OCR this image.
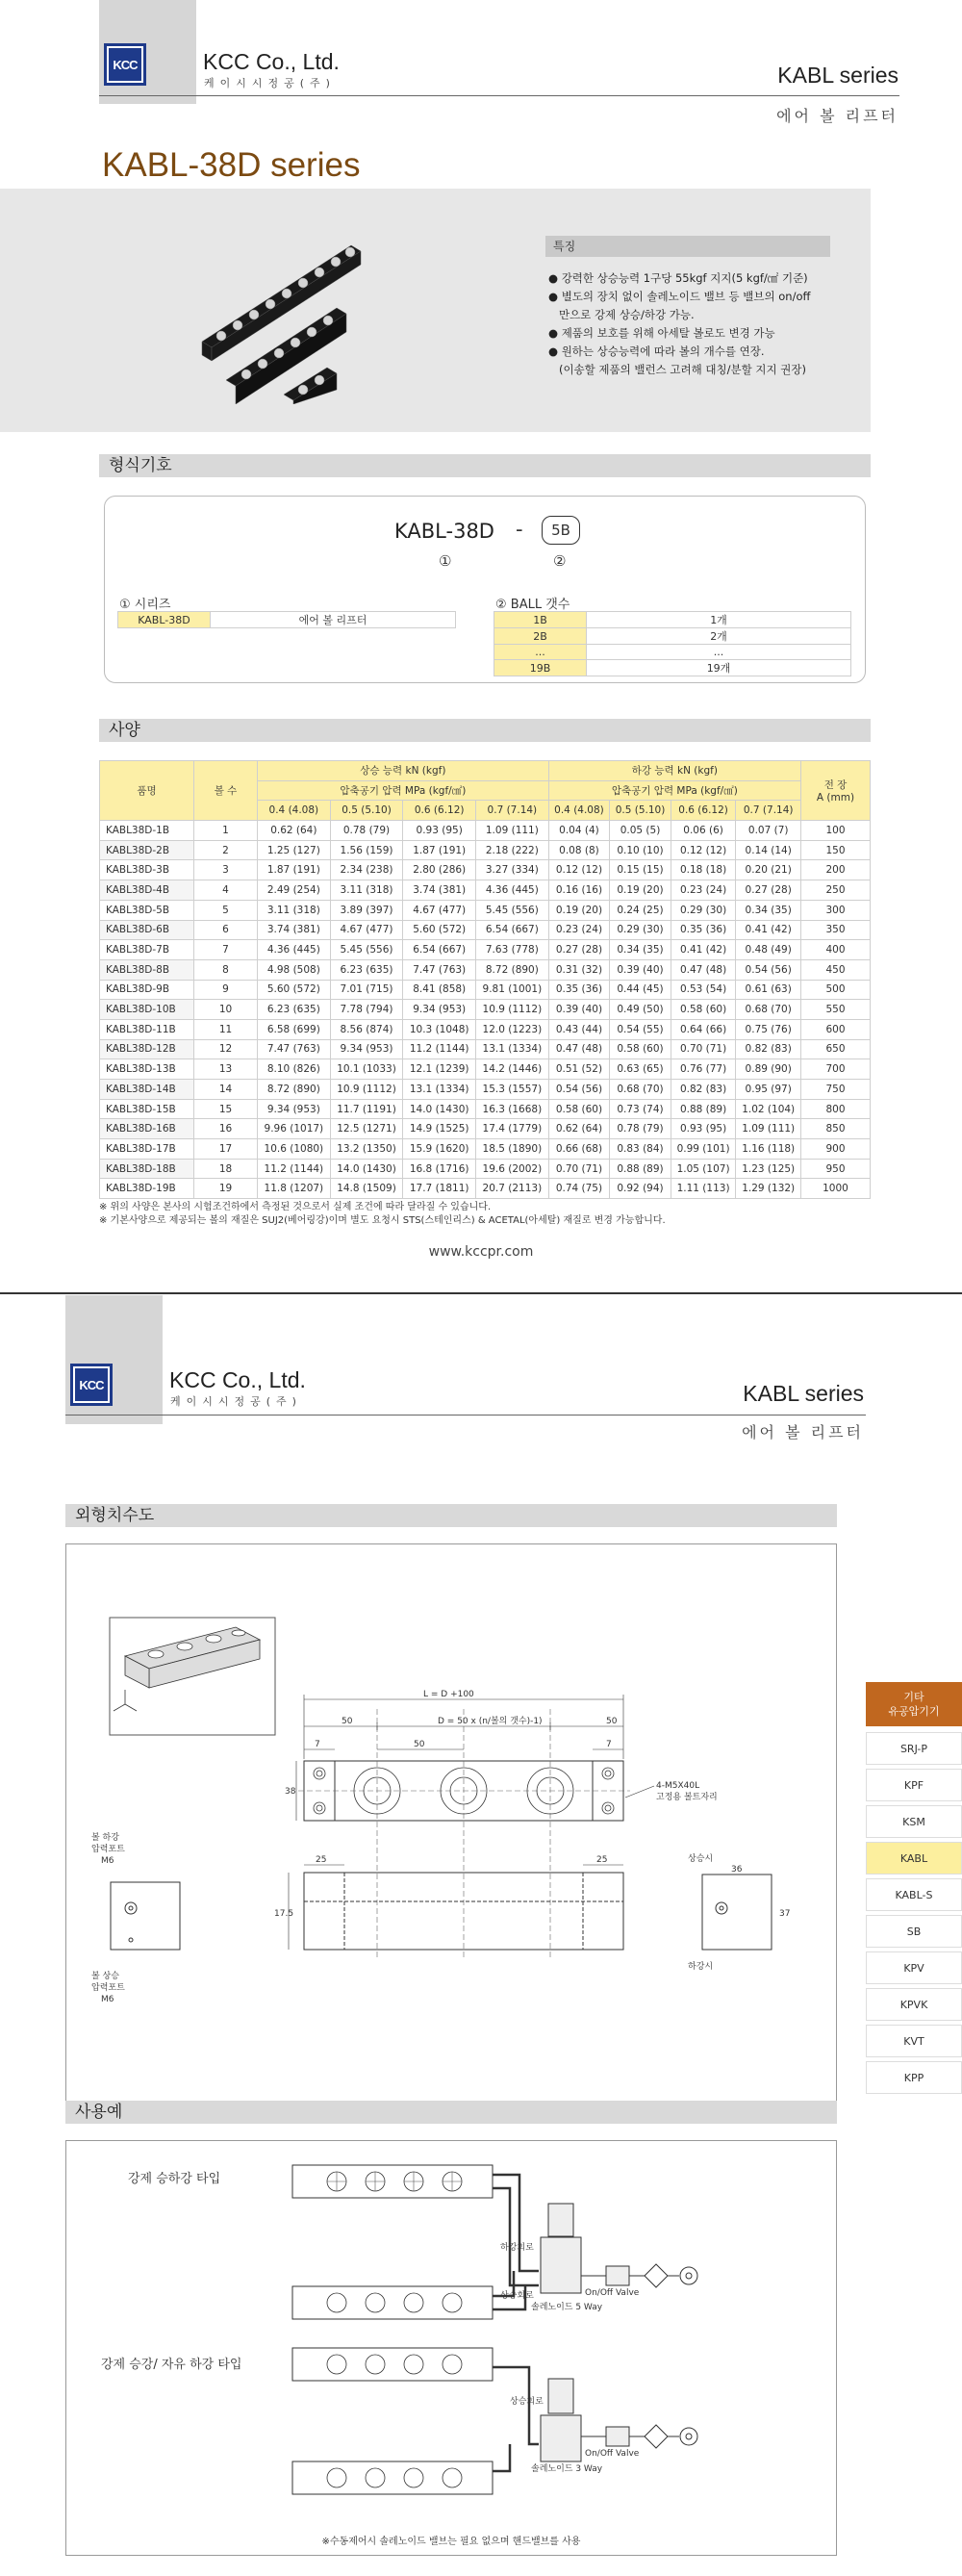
KCC	KCC Co., Ltd.
케이시시정공(주)	KABL series
에어 볼 리프터
KABL-38D series
특징
● 강력한 상승능력 1구당 55kgf 지지(5 kgf/㎠ 기준)
● 별도의 장치 없이 솔레노이드 밸브 등 밸브의 on/off
만으로 강제 상승/하강 가능.
● 제품의 보호를 위해 아세탈 볼로도 변경 가능
● 원하는 상승능력에 따라 볼의 개수를 연장.
(이송할 제품의 밸런스 고려해 대칭/분할 지지 권장)
형식기호
KABL-38D -	5B
①	②
① 시리즈
KABL-38D	에어 볼 리프터
② BALL 갯수
1B	1개
2B	2개
...	...
19B	19개
사양
품명	볼 수	상승 능력 kN (kgf)				하강 능력 kN (kgf)				전 장
A (mm)
		압축공기 압력 MPa (kgf/㎠)				압축공기 압력 MPa (kgf/㎠)				
		0.4 (4.08)	0.5 (5.10)	0.6 (6.12)	0.7 (7.14)	0.4 (4.08)	0.5 (5.10)	0.6 (6.12)	0.7 (7.14)	
KABL38D-1B	1	0.62 (64)	0.78 (79)	0.93 (95)	1.09 (111)	0.04 (4)	0.05 (5)	0.06 (6)	0.07 (7)	100
KABL38D-2B	2	1.25 (127)	1.56 (159)	1.87 (191)	2.18 (222)	0.08 (8)	0.10 (10)	0.12 (12)	0.14 (14)	150
KABL38D-3B	3	1.87 (191)	2.34 (238)	2.80 (286)	3.27 (334)	0.12 (12)	0.15 (15)	0.18 (18)	0.20 (21)	200
KABL38D-4B	4	2.49 (254)	3.11 (318)	3.74 (381)	4.36 (445)	0.16 (16)	0.19 (20)	0.23 (24)	0.27 (28)	250
KABL38D-5B	5	3.11 (318)	3.89 (397)	4.67 (477)	5.45 (556)	0.19 (20)	0.24 (25)	0.29 (30)	0.34 (35)	300
KABL38D-6B	6	3.74 (381)	4.67 (477)	5.60 (572)	6.54 (667)	0.23 (24)	0.29 (30)	0.35 (36)	0.41 (42)	350
KABL38D-7B	7	4.36 (445)	5.45 (556)	6.54 (667)	7.63 (778)	0.27 (28)	0.34 (35)	0.41 (42)	0.48 (49)	400
KABL38D-8B	8	4.98 (508)	6.23 (635)	7.47 (763)	8.72 (890)	0.31 (32)	0.39 (40)	0.47 (48)	0.54 (56)	450
KABL38D-9B	9	5.60 (572)	7.01 (715)	8.41 (858)	9.81 (1001)	0.35 (36)	0.44 (45)	0.53 (54)	0.61 (63)	500
KABL38D-10B	10	6.23 (635)	7.78 (794)	9.34 (953)	10.9 (1112)	0.39 (40)	0.49 (50)	0.58 (60)	0.68 (70)	550
KABL38D-11B	11	6.58 (699)	8.56 (874)	10.3 (1048)	12.0 (1223)	0.43 (44)	0.54 (55)	0.64 (66)	0.75 (76)	600
KABL38D-12B	12	7.47 (763)	9.34 (953)	11.2 (1144)	13.1 (1334)	0.47 (48)	0.58 (60)	0.70 (71)	0.82 (83)	650
KABL38D-13B	13	8.10 (826)	10.1 (1033)	12.1 (1239)	14.2 (1446)	0.51 (52)	0.63 (65)	0.76 (77)	0.89 (90)	700
KABL38D-14B	14	8.72 (890)	10.9 (1112)	13.1 (1334)	15.3 (1557)	0.54 (56)	0.68 (70)	0.82 (83)	0.95 (97)	750
KABL38D-15B	15	9.34 (953)	11.7 (1191)	14.0 (1430)	16.3 (1668)	0.58 (60)	0.73 (74)	0.88 (89)	1.02 (104)	800
KABL38D-16B	16	9.96 (1017)	12.5 (1271)	14.9 (1525)	17.4 (1779)	0.62 (64)	0.78 (79)	0.93 (95)	1.09 (111)	850
KABL38D-17B	17	10.6 (1080)	13.2 (1350)	15.9 (1620)	18.5 (1890)	0.66 (68)	0.83 (84)	0.99 (101)	1.16 (118)	900
KABL38D-18B	18	11.2 (1144)	14.0 (1430)	16.8 (1716)	19.6 (2002)	0.70 (71)	0.88 (89)	1.05 (107)	1.23 (125)	950
KABL38D-19B	19	11.8 (1207)	14.8 (1509)	17.7 (1811)	20.7 (2113)	0.74 (75)	0.92 (94)	1.11 (113)	1.29 (132)	1000
※ 위의 사양은 본사의 시험조건하에서 측정된 것으로서 실제 조건에 따라 달라질 수 있습니다.
※ 기본사양으로 제공되는 볼의 재질은 SUJ2(베어링강)이며 별도 요청시 STS(스테인리스) & ACETAL(아세탈) 재질로 변경 가능합니다.
www.kccpr.com
KCC	KCC Co., Ltd.
케이시시정공(주)	KABL series
에어 볼 리프터
외형치수도
L = D +100
D = 50 x (n/볼의 갯수)-1)
50	50
50
7	7
38
4-M5X40L
고정용 볼트자리
25	25
17.5
볼 하강
압력포트
M6
볼 상승
압력포트
M6
상승시
하강시
36
37
기타
유공압기기
SRJ-P
KPF
KSM
KABL
KABL-S
SB
KPV
KPVK
KVT
KPP
사용예
강제 승하강 타입
강제 승강/ 자유 하강 타입
하강회로
상승회로	On/Off Valve
솔레노이드 5 Way
상승회로
On/Off Valve
솔레노이드 3 Way
※수동제어시 솔레노이드 밸브는 필요 없으며 핸드밸브를 사용
